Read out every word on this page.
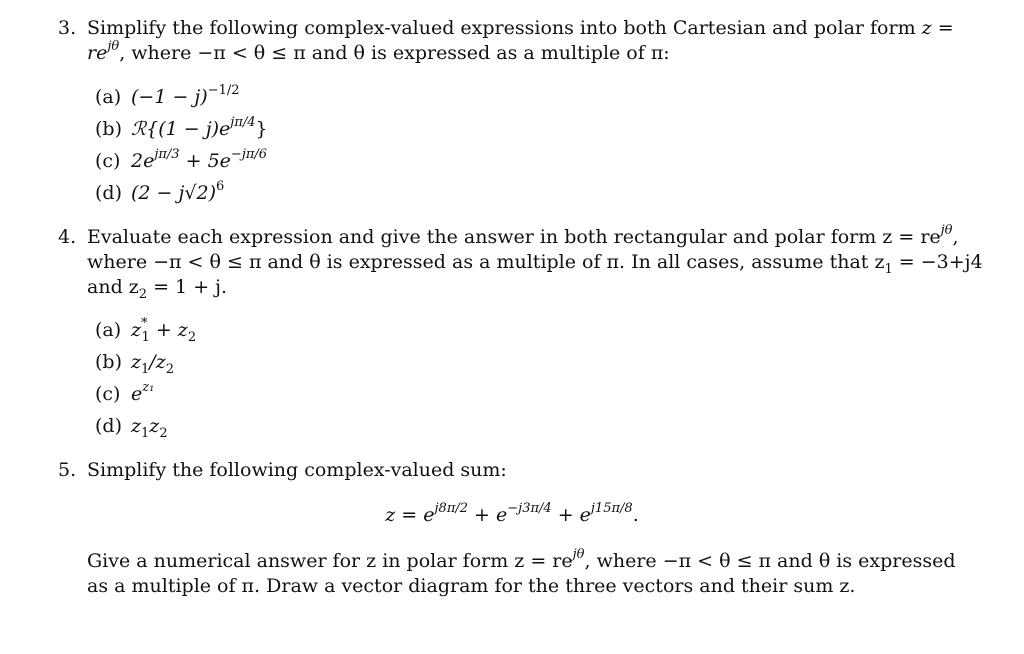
3. Simplify the following complex-valued expressions into both Cartesian and polar form z =
$re^{j\theta}$, where −π < θ ≤ π and θ is expressed as a multiple of π:
(a) $(-1 - j)^{-1/2}$
(b) ℛ{(1 − $j)e^{j\pi/4}$}
(c) $2e^{j\pi/3} + 5e^{-j\pi/6}$
(d) $(2 - j√2)^6$
4. Evaluate each expression and give the answer in both rectangular and polar form $z = re^{j\theta}$,
where −π < θ ≤ π and θ is expressed as a multiple of π. In all cases, assume that $z_1 = -3+j4$
and $z_2 = 1 + j$.
(a) $z^*_1 + z_2$
(b) $z_1/z_2$
(c) $e^{z_1}$
(d) $z_1z_2$
5. Simplify the following complex-valued sum:
$z = e^{j8\pi/2} + e^{-j3\pi/4} + e^{j15\pi/8}$.
Give a numerical answer for z in polar form $z = re^{j\theta}$, where −π < θ ≤ π and θ is expressed
as a multiple of π. Draw a vector diagram for the three vectors and their sum z.
